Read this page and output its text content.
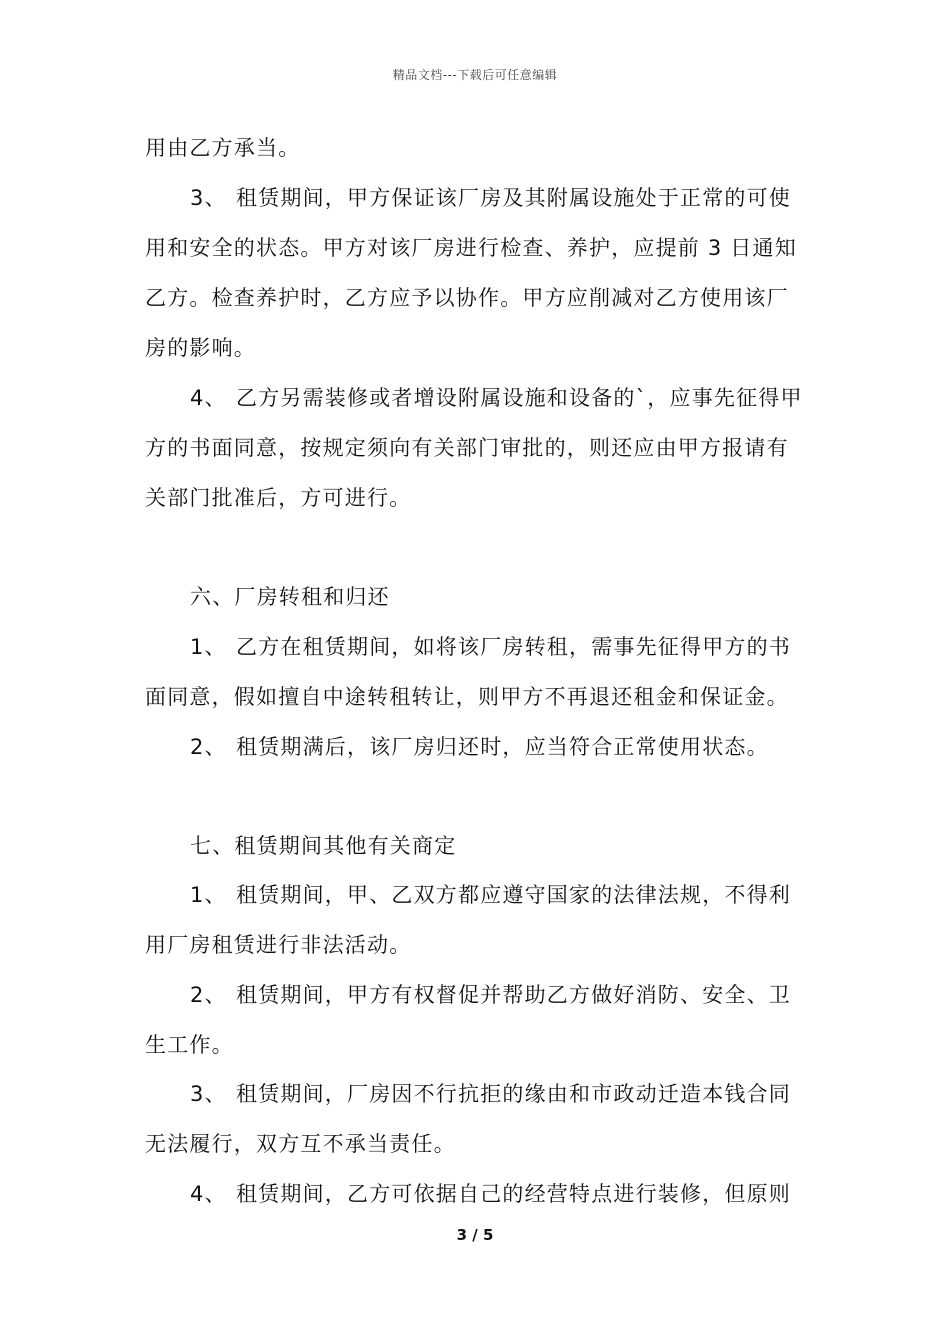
精品文档---下载后可任意编辑
用由乙方承当。
3、 租赁期间，甲方保证该厂房及其附属设施处于正常的可使
用和安全的状态。甲方对该厂房进行检查、养护，应提前 3 日通知
乙方。检查养护时，乙方应予以协作。甲方应削减对乙方使用该厂
房的影响。
4、 乙方另需装修或者增设附属设施和设备的`，应事先征得甲
方的书面同意，按规定须向有关部门审批的，则还应由甲方报请有
关部门批准后，方可进行。
六、厂房转租和归还
1、 乙方在租赁期间，如将该厂房转租，需事先征得甲方的书
面同意，假如擅自中途转租转让，则甲方不再退还租金和保证金。
2、 租赁期满后，该厂房归还时，应当符合正常使用状态。
七、租赁期间其他有关商定
1、 租赁期间，甲、乙双方都应遵守国家的法律法规，不得利
用厂房租赁进行非法活动。
2、 租赁期间，甲方有权督促并帮助乙方做好消防、安全、卫
生工作。
3、 租赁期间，厂房因不行抗拒的缘由和市政动迁造本钱合同
无法履行，双方互不承当责任。
4、 租赁期间，乙方可依据自己的经营特点进行装修，但原则
3 / 5
